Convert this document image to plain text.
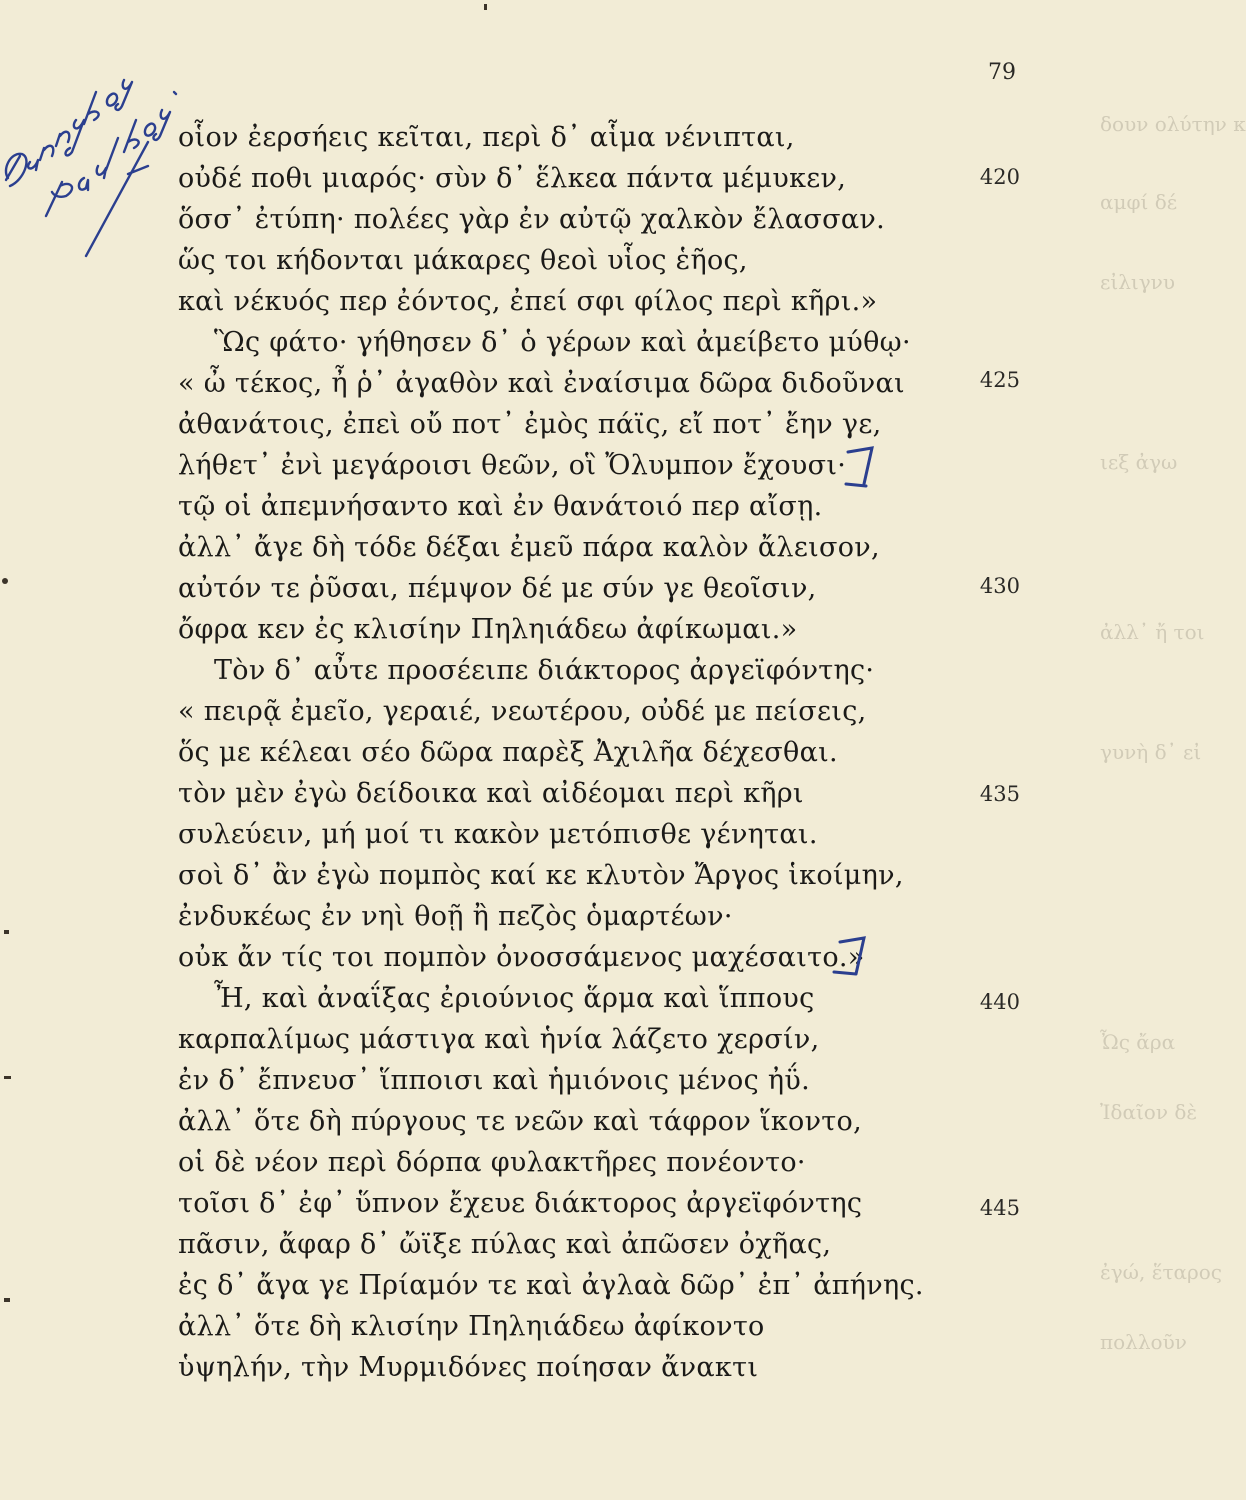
79
δουν ολύτην κ
αμφί δέ
εἰλιγνυ
ιεξ ἀγω
ἀλλ᾽ ἤ τοι
γυνὴ δ᾽ εἰ
Ὦς ἄρα
Ἰδαῖον δὲ
ἐγώ, ἕταρος
πολλοῦν
οἷον ἐερσήεις κεῖται, περὶ δ᾽ αἷμα νένιπται,
οὐδέ ποθι μιαρός· σὺν δ᾽ ἕλκεα πάντα μέμυκεν,	420
ὅσσ᾽ ἐτύπη· πολέες γὰρ ἐν αὐτῷ χαλκὸν ἔλασσαν.
ὥς τοι κήδονται μάκαρες θεοὶ υἷος ἑῆος,
καὶ νέκυός περ ἐόντος, ἐπεί σφι φίλος περὶ κῆρι.»
Ὣς φάτο· γήθησεν δ᾽ ὁ γέρων καὶ ἀμείβετο μύθῳ·
« ὦ τέκος, ἦ ῥ᾽ ἀγαθὸν καὶ ἐναίσιμα δῶρα διδοῦναι	425
ἀθανάτοις, ἐπεὶ οὔ ποτ᾽ ἐμὸς πάϊς, εἴ ποτ᾽ ἔην γε,
λήθετ᾽ ἐνὶ μεγάροισι θεῶν, οἳ Ὄλυμπον ἔχουσι·
τῷ οἱ ἀπεμνήσαντο καὶ ἐν θανάτοιό περ αἴσῃ.
ἀλλ᾽ ἄγε δὴ τόδε δέξαι ἐμεῦ πάρα καλὸν ἄλεισον,
αὐτόν τε ῥῦσαι, πέμψον δέ με σύν γε θεοῖσιν,	430
ὄφρα κεν ἐς κλισίην Πηληιάδεω ἀφίκωμαι.»
Τὸν δ᾽ αὖτε προσέειπε διάκτορος ἀργεϊφόντης·
« πειρᾷ ἐμεῖο, γεραιέ, νεωτέρου, οὐδέ με πείσεις,
ὅς με κέλεαι σέο δῶρα παρὲξ Ἀχιλῆα δέχεσθαι.
τὸν μὲν ἐγὼ δείδοικα καὶ αἰδέομαι περὶ κῆρι	435
συλεύειν, μή μοί τι κακὸν μετόπισθε γένηται.
σοὶ δ᾽ ἂν ἐγὼ πομπὸς καί κε κλυτὸν Ἄργος ἱκοίμην,
ἐνδυκέως ἐν νηὶ θοῇ ἢ πεζὸς ὁμαρτέων·
οὐκ ἄν τίς τοι πομπὸν ὀνοσσάμενος μαχέσαιτο.»
Ἦ, καὶ ἀναΐξας ἐριούνιος ἅρμα καὶ ἵππους	440
καρπαλίμως μάστιγα καὶ ἡνία λάζετο χερσίν,
ἐν δ᾽ ἔπνευσ᾽ ἵπποισι καὶ ἡμιόνοις μένος ἠΰ.
ἀλλ᾽ ὅτε δὴ πύργους τε νεῶν καὶ τάφρον ἵκοντο,
οἱ δὲ νέον περὶ δόρπα φυλακτῆρες πονέοντο·
τοῖσι δ᾽ ἐφ᾽ ὕπνον ἔχευε διάκτορος ἀργεϊφόντης	445
πᾶσιν, ἄφαρ δ᾽ ὤϊξε πύλας καὶ ἀπῶσεν ὀχῆας,
ἐς δ᾽ ἄγα γε Πρίαμόν τε καὶ ἀγλαὰ δῶρ᾽ ἐπ᾽ ἀπήνης.
ἀλλ᾽ ὅτε δὴ κλισίην Πηληιάδεω ἀφίκοντο
ὑψηλήν, τὴν Μυρμιδόνες ποίησαν ἄνακτι
